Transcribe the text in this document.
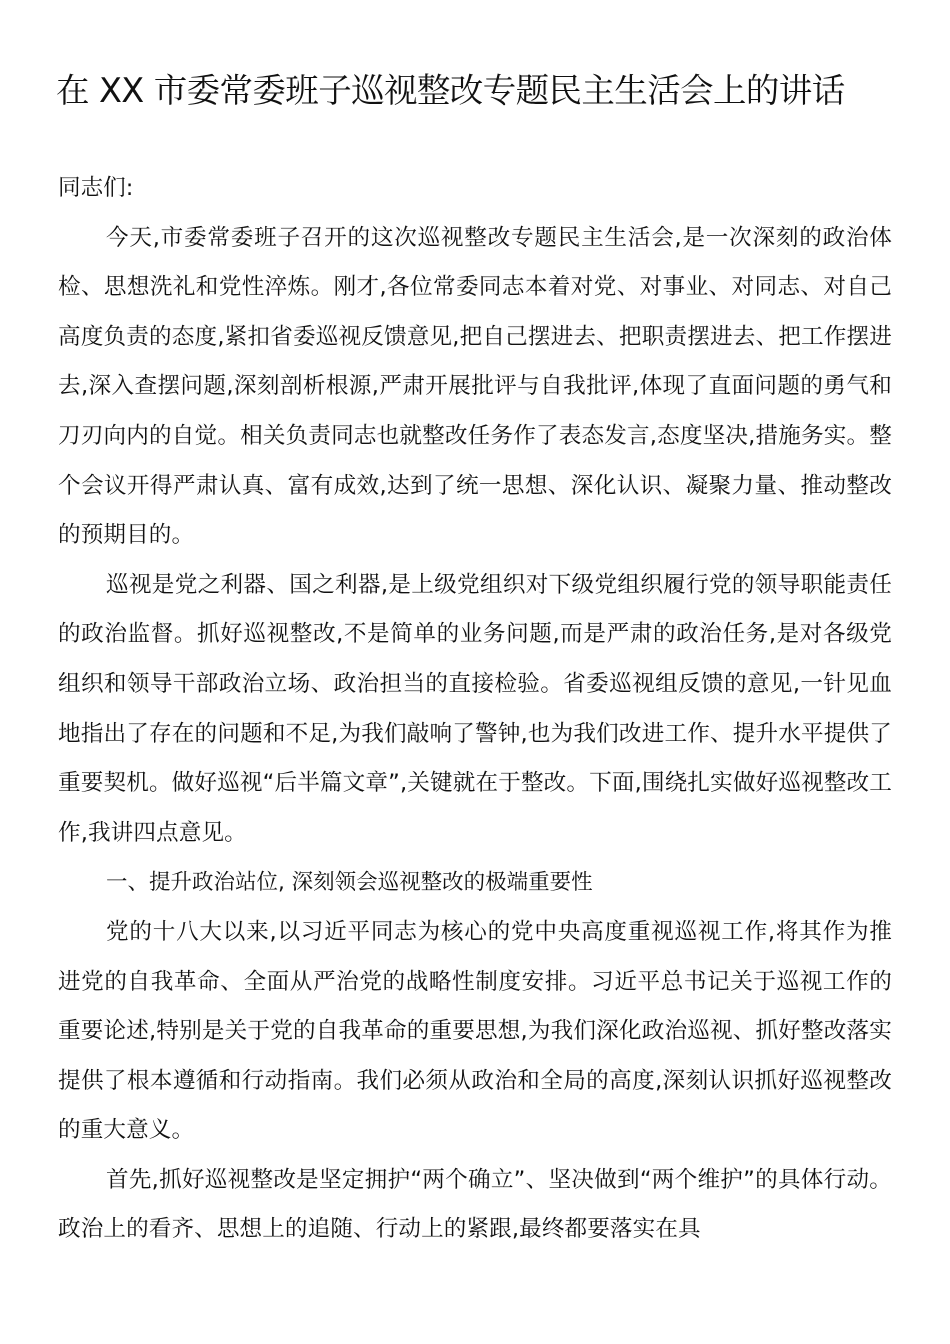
在 XX 市委常委班子巡视整改专题民主生活会上的讲话

同志们:

今天,市委常委班子召开的这次巡视整改专题民主生活会,是一次深刻的政治体检、思想洗礼和党性淬炼。刚才,各位常委同志本着对党、对事业、对同志、对自己高度负责的态度,紧扣省委巡视反馈意见,把自己摆进去、把职责摆进去、把工作摆进去,深入查摆问题,深刻剖析根源,严肃开展批评与自我批评,体现了直面问题的勇气和刀刃向内的自觉。相关负责同志也就整改任务作了表态发言,态度坚决,措施务实。整个会议开得严肃认真、富有成效,达到了统一思想、深化认识、凝聚力量、推动整改的预期目的。

巡视是党之利器、国之利器,是上级党组织对下级党组织履行党的领导职能责任的政治监督。抓好巡视整改,不是简单的业务问题,而是严肃的政治任务,是对各级党组织和领导干部政治立场、政治担当的直接检验。省委巡视组反馈的意见,一针见血地指出了存在的问题和不足,为我们敲响了警钟,也为我们改进工作、提升水平提供了重要契机。做好巡视“后半篇文章”,关键就在于整改。下面,围绕扎实做好巡视整改工作,我讲四点意见。

一、提升政治站位, 深刻领会巡视整改的极端重要性

党的十八大以来,以习近平同志为核心的党中央高度重视巡视工作,将其作为推进党的自我革命、全面从严治党的战略性制度安排。习近平总书记关于巡视工作的重要论述,特别是关于党的自我革命的重要思想,为我们深化政治巡视、抓好整改落实提供了根本遵循和行动指南。我们必须从政治和全局的高度,深刻认识抓好巡视整改的重大意义。

首先,抓好巡视整改是坚定拥护“两个确立”、坚决做到“两个维护”的具体行动。政治上的看齐、思想上的追随、行动上的紧跟,最终都要落实在具
